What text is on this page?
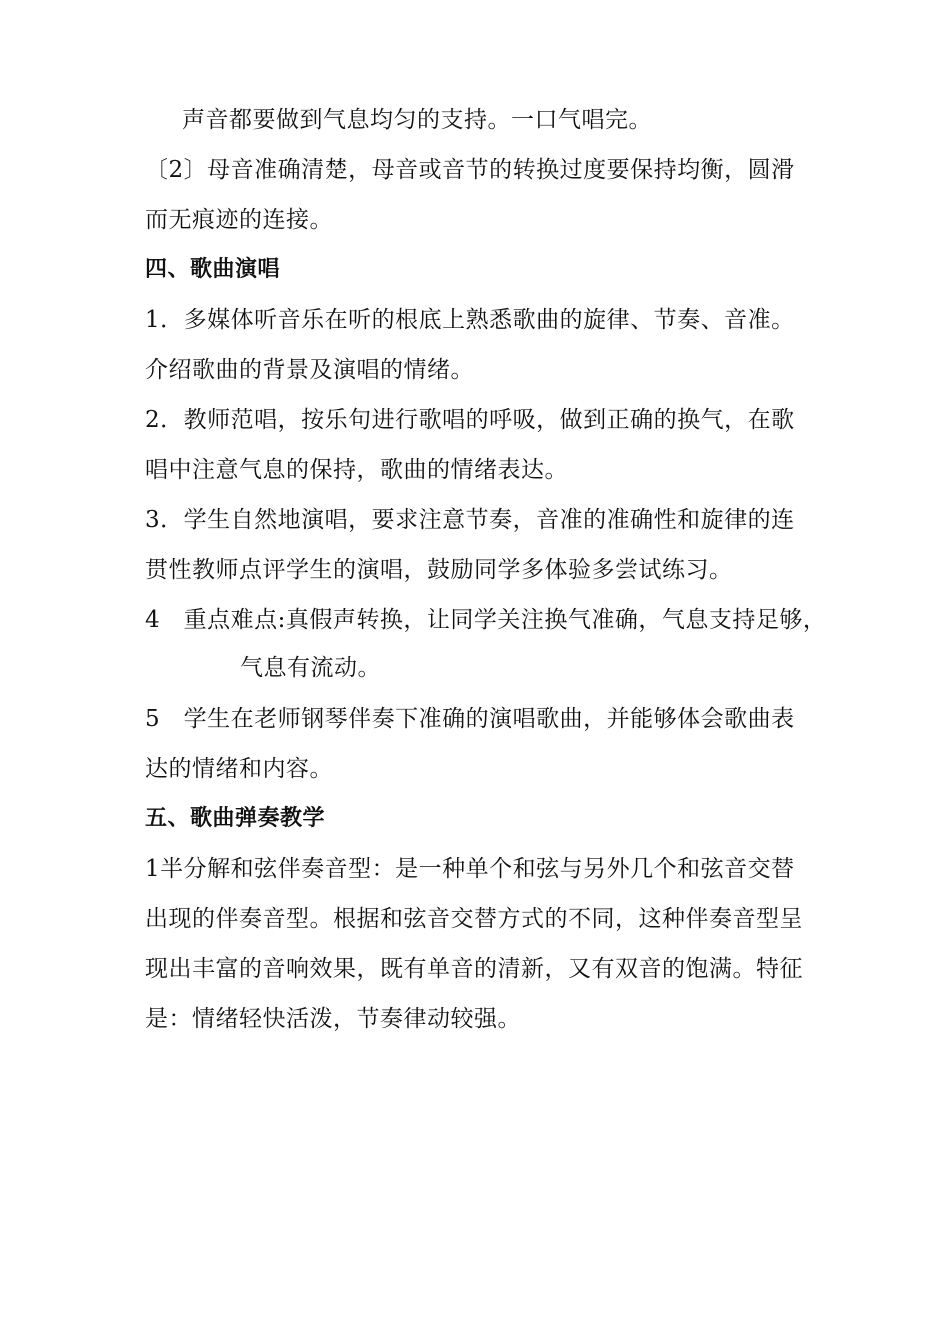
声音都要做到气息均匀的支持。一口气唱完。
〔2〕母音准确清楚，母音或音节的转换过度要保持均衡，圆滑
而无痕迹的连接。
四、歌曲演唱
1．多媒体听音乐在听的根底上熟悉歌曲的旋律、节奏、音准。
介绍歌曲的背景及演唱的情绪。
2．教师范唱，按乐句进行歌唱的呼吸，做到正确的换气，在歌
唱中注意气息的保持，歌曲的情绪表达。
3．学生自然地演唱，要求注意节奏，音准的准确性和旋律的连
贯性教师点评学生的演唱，鼓励同学多体验多尝试练习。
4　重点难点:真假声转换，让同学关注换气准确，气息支持足够，
气息有流动。
5　学生在老师钢琴伴奏下准确的演唱歌曲，并能够体会歌曲表
达的情绪和内容。
五、歌曲弹奏教学
1半分解和弦伴奏音型：是一种单个和弦与另外几个和弦音交替
出现的伴奏音型。根据和弦音交替方式的不同，这种伴奏音型呈
现出丰富的音响效果，既有单音的清新，又有双音的饱满。特征
是：情绪轻快活泼，节奏律动较强。
